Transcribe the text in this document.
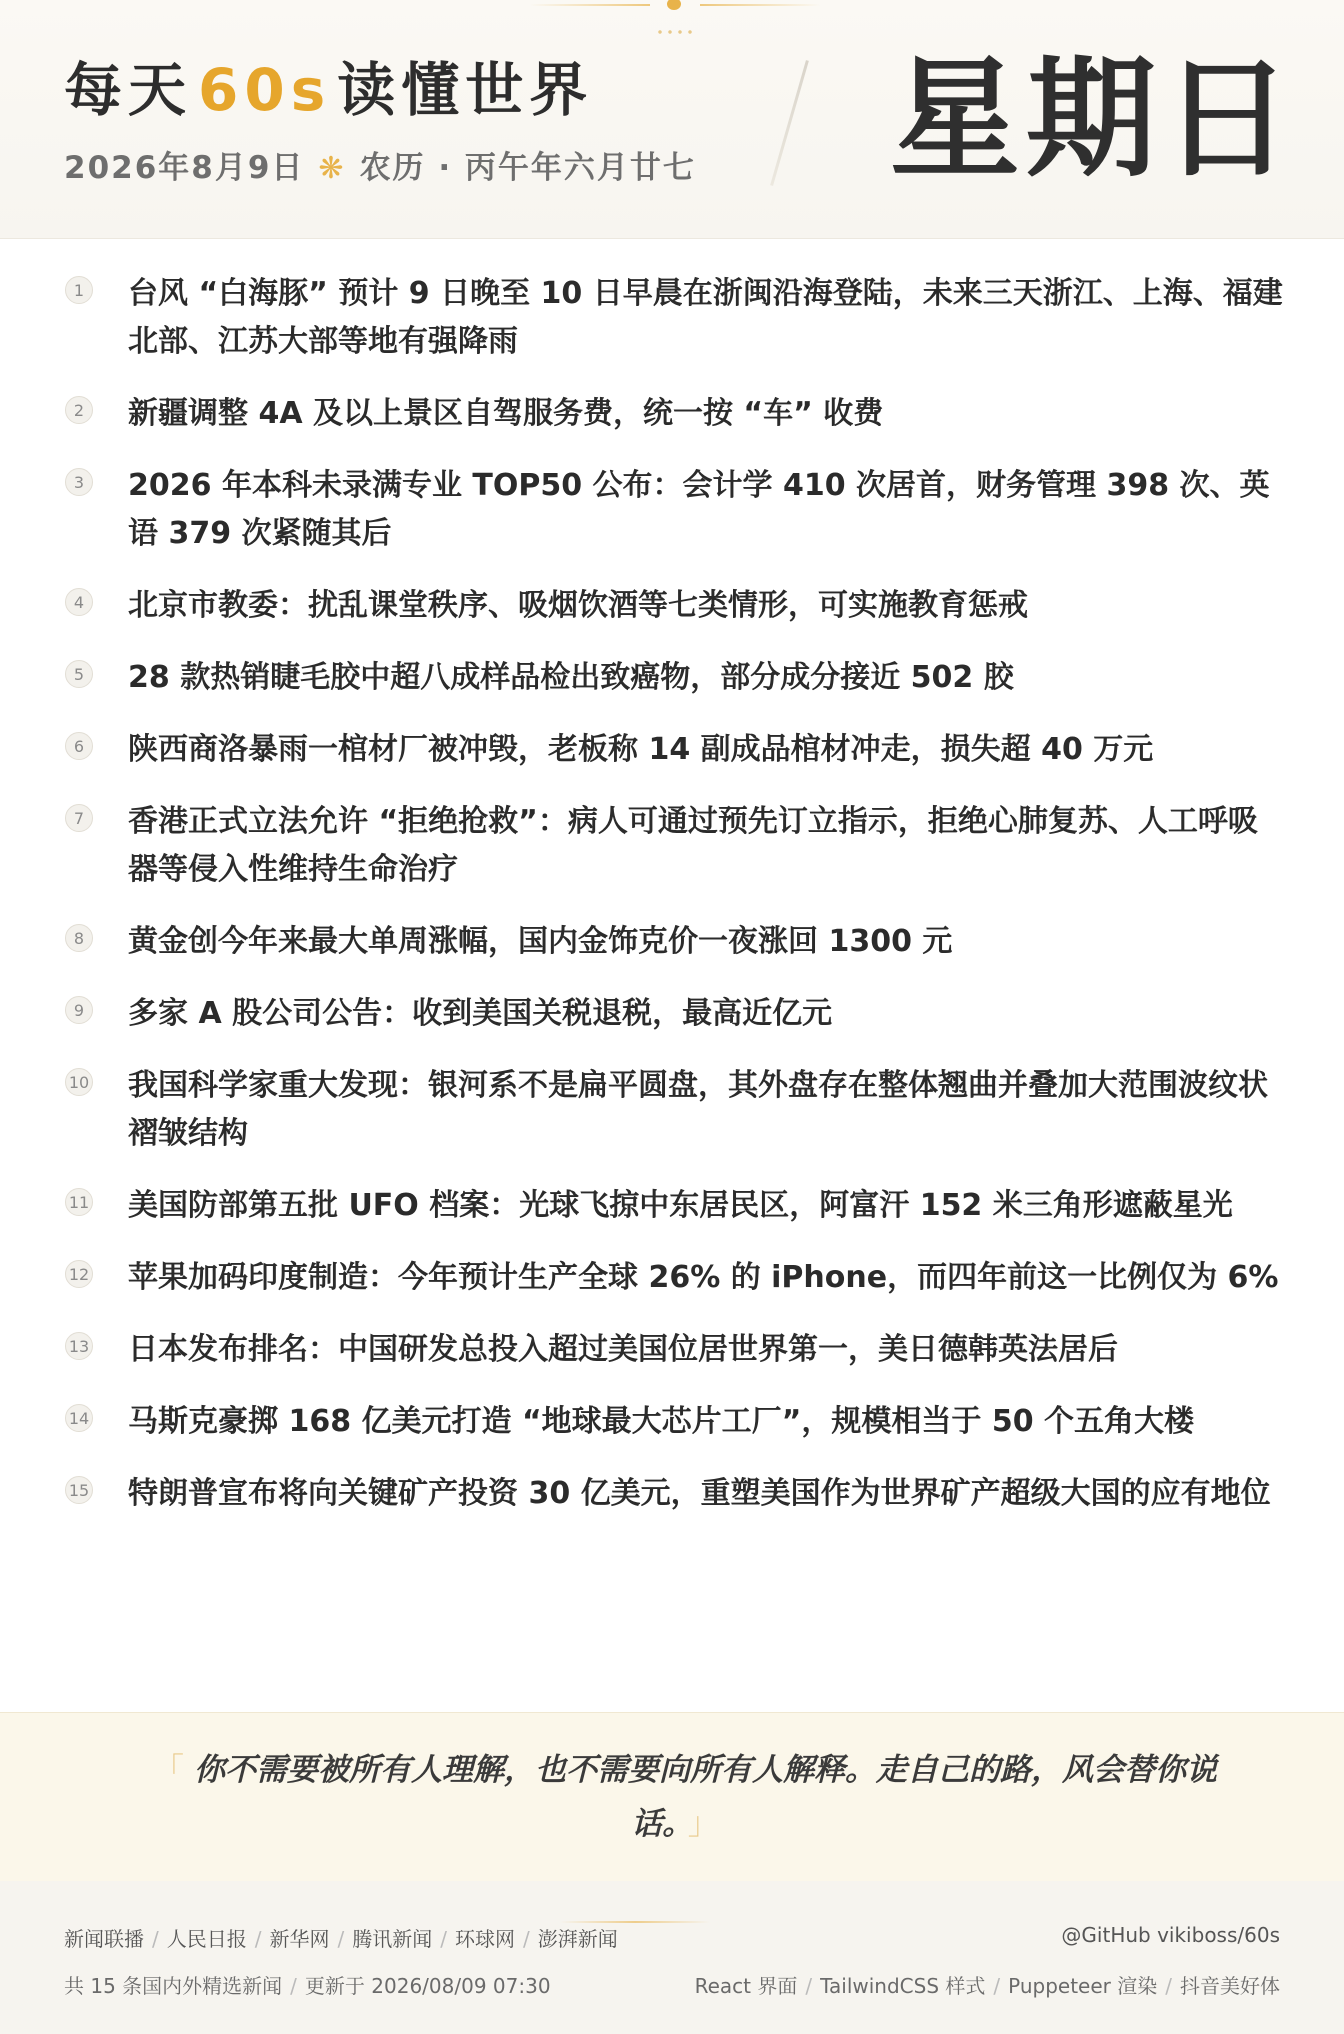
每天 60s 读懂世界
2026年8月9日 ❋ 农历 · 丙午年六月廿七 星期日
1 台风 “白海豚” 预计 9 日晚至 10 日早晨在浙闽沿海登陆，未来三天浙江、上海、福建北部、江苏大部等地有强降雨
2 新疆调整 4A 及以上景区自驾服务费，统一按 “车” 收费
3 2026 年本科未录满专业 TOP50 公布：会计学 410 次居首，财务管理 398 次、英语 379 次紧随其后
4 北京市教委：扰乱课堂秩序、吸烟饮酒等七类情形，可实施教育惩戒
5 28 款热销睫毛胶中超八成样品检出致癌物，部分成分接近 502 胶
6 陕西商洛暴雨一棺材厂被冲毁，老板称 14 副成品棺材冲走，损失超 40 万元
7 香港正式立法允许 “拒绝抢救”：病人可通过预先订立指示，拒绝心肺复苏、人工呼吸器等侵入性维持生命治疗
8 黄金创今年来最大单周涨幅，国内金饰克价一夜涨回 1300 元
9 多家 A 股公司公告：收到美国关税退税，最高近亿元
10 我国科学家重大发现：银河系不是扁平圆盘，其外盘存在整体翘曲并叠加大范围波纹状褶皱结构
11 美国防部第五批 UFO 档案：光球飞掠中东居民区，阿富汗 152 米三角形遮蔽星光
12 苹果加码印度制造：今年预计生产全球 26% 的 iPhone，而四年前这一比例仅为 6%
13 日本发布排名：中国研发总投入超过美国位居世界第一，美日德韩英法居后
14 马斯克豪掷 168 亿美元打造 “地球最大芯片工厂”，规模相当于 50 个五角大楼
15 特朗普宣布将向关键矿产投资 30 亿美元，重塑美国作为世界矿产超级大国的应有地位

「 你不需要被所有人理解，也不需要向所有人解释。走自己的路，风会替你说话。 」

新闻联播 / 人民日报 / 新华网 / 腾讯新闻 / 环球网 / 澎湃新闻	@GitHub vikiboss/60s
共 15 条国内外精选新闻 / 更新于 2026/08/09 07:30	React 界面 / TailwindCSS 样式 / Puppeteer 渲染 / 抖音美好体
